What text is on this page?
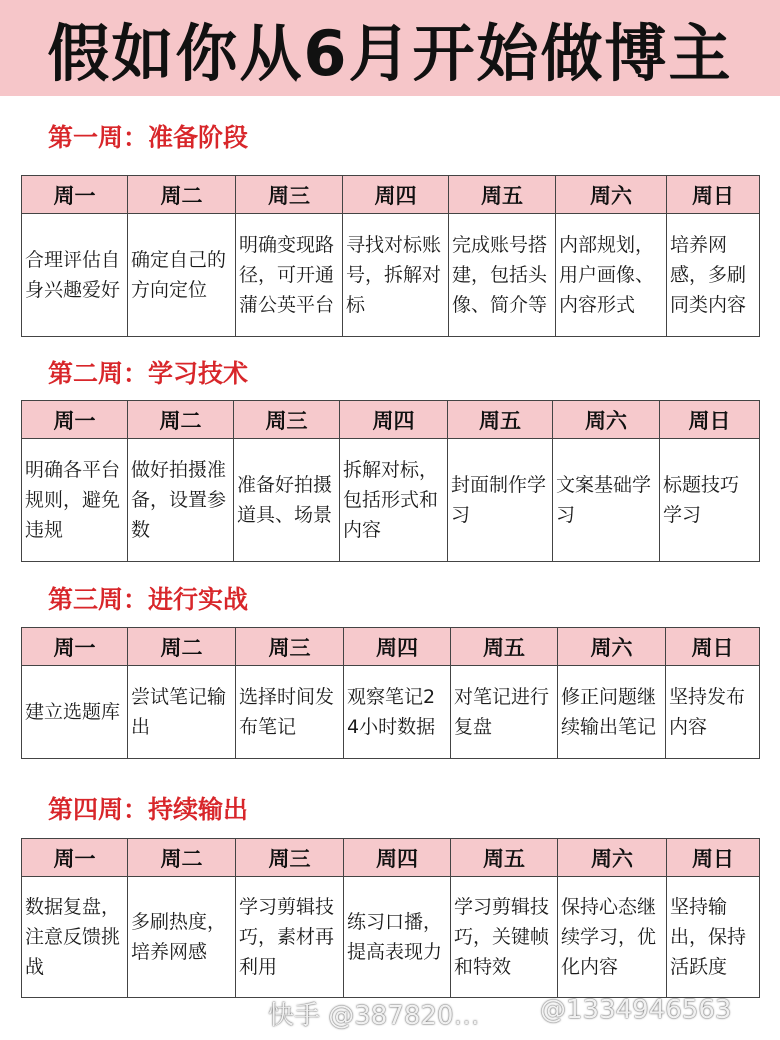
假如你从6月开始做博主
第一周：准备阶段
周一	周二	周三	周四	周五	周六	周日
合理评估自身兴趣爱好	确定自己的方向定位	明确变现路径，可开通蒲公英平台	寻找对标账号，拆解对标	完成账号搭建，包括头像、简介等	内部规划，用户画像、内容形式	培养网感，多刷同类内容
第二周：学习技术
周一	周二	周三	周四	周五	周六	周日
明确各平台规则，避免违规	做好拍摄准备，设置参数	准备好拍摄道具、场景	拆解对标，包括形式和内容	封面制作学习	文案基础学习	标题技巧学习
第三周：进行实战
周一	周二	周三	周四	周五	周六	周日
建立选题库	尝试笔记输出	选择时间发布笔记	观察笔记24小时数据	对笔记进行复盘	修正问题继续输出笔记	坚持发布内容
第四周：持续输出
周一	周二	周三	周四	周五	周六	周日
数据复盘，注意反馈挑战	多刷热度，培养网感	学习剪辑技巧，素材再利用	练习口播，提高表现力	学习剪辑技巧，关键帧和特效	保持心态继续学习，优化内容	坚持输出，保持活跃度
快手 @387820… @1334946563
